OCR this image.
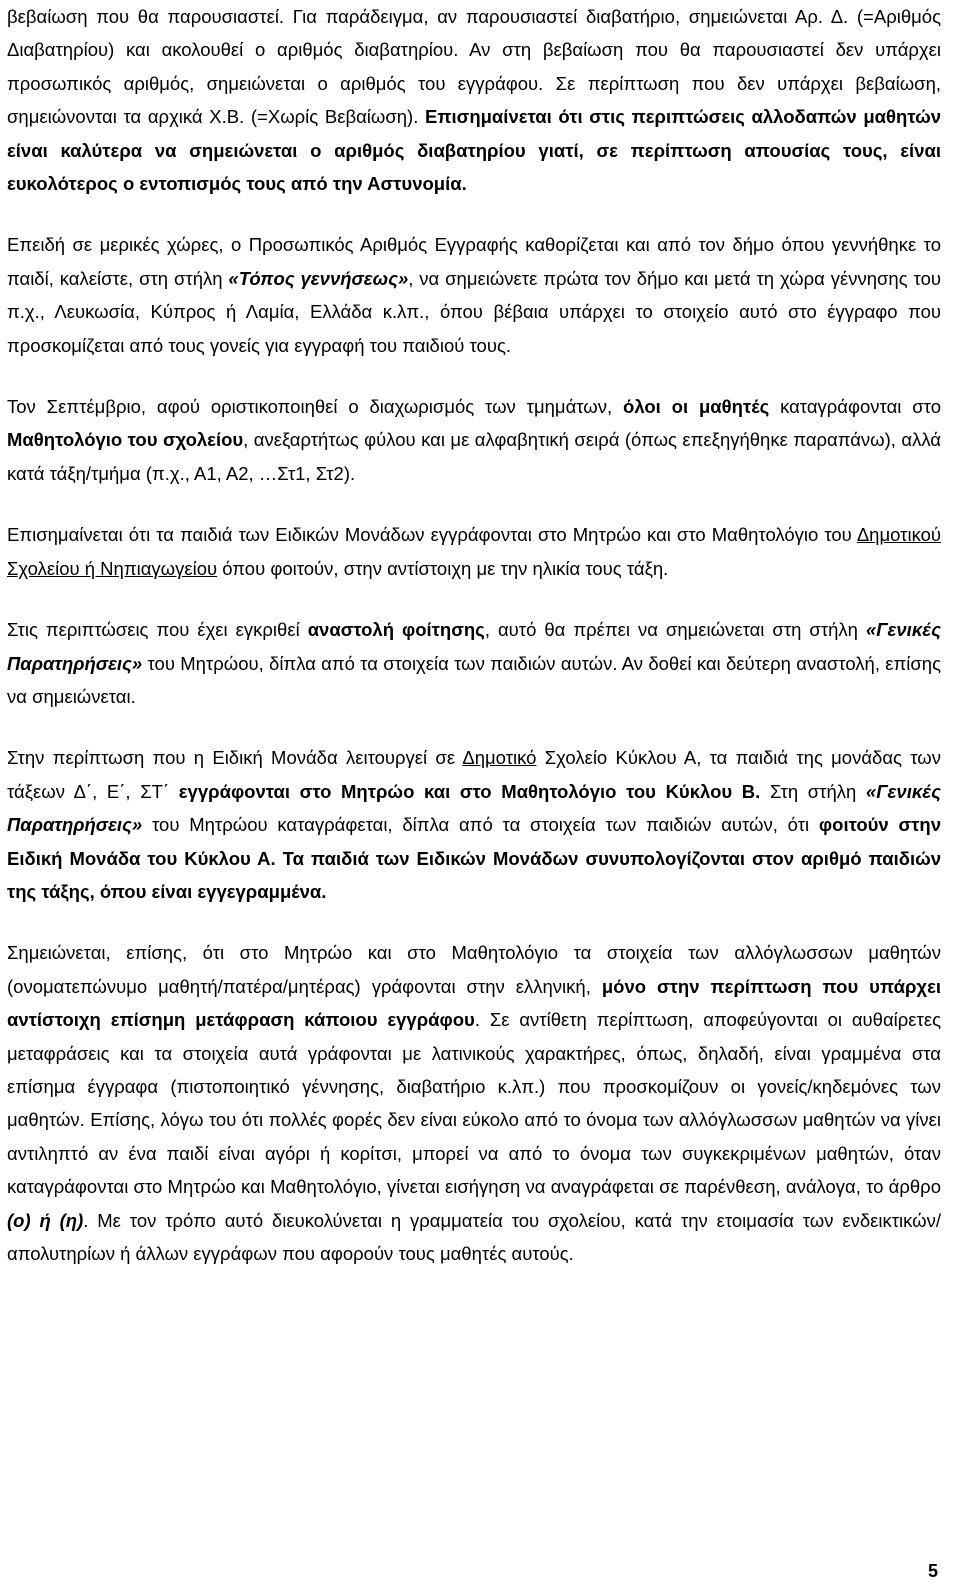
βεβαίωση που θα παρουσιαστεί. Για παράδειγμα, αν παρουσιαστεί διαβατήριο, σημειώνεται Αρ. Δ. (=Αριθμός Διαβατηρίου) και ακολουθεί ο αριθμός διαβατηρίου. Αν στη βεβαίωση που θα παρουσιαστεί δεν υπάρχει προσωπικός αριθμός, σημειώνεται ο αριθμός του εγγράφου. Σε περίπτωση που δεν υπάρχει βεβαίωση, σημειώνονται τα αρχικά Χ.Β. (=Χωρίς Βεβαίωση). Επισημαίνεται ότι στις περιπτώσεις αλλοδαπών μαθητών είναι καλύτερα να σημειώνεται ο αριθμός διαβατηρίου γιατί, σε περίπτωση απουσίας τους, είναι ευκολότερος ο εντοπισμός τους από την Αστυνομία.

Επειδή σε μερικές χώρες, ο Προσωπικός Αριθμός Εγγραφής καθορίζεται και από τον δήμο όπου γεννήθηκε το παιδί, καλείστε, στη στήλη «Τόπος γεννήσεως», να σημειώνετε πρώτα τον δήμο και μετά τη χώρα γέννησης του π.χ., Λευκωσία, Κύπρος ή Λαμία, Ελλάδα κ.λπ., όπου βέβαια υπάρχει το στοιχείο αυτό στο έγγραφο που προσκομίζεται από τους γονείς για εγγραφή του παιδιού τους.

Τον Σεπτέμβριο, αφού οριστικοποιηθεί ο διαχωρισμός των τμημάτων, όλοι οι μαθητές καταγράφονται στο Μαθητολόγιο του σχολείου, ανεξαρτήτως φύλου και με αλφαβητική σειρά (όπως επεξηγήθηκε παραπάνω), αλλά κατά τάξη/τμήμα (π.χ., Α1, Α2, …Στ1, Στ2).

Επισημαίνεται ότι τα παιδιά των Ειδικών Μονάδων εγγράφονται στο Μητρώο και στο Μαθητολόγιο του Δημοτικού Σχολείου ή Νηπιαγωγείου όπου φοιτούν, στην αντίστοιχη με την ηλικία τους τάξη.

Στις περιπτώσεις που έχει εγκριθεί αναστολή φοίτησης, αυτό θα πρέπει να σημειώνεται στη στήλη «Γενικές Παρατηρήσεις» του Μητρώου, δίπλα από τα στοιχεία των παιδιών αυτών. Αν δοθεί και δεύτερη αναστολή, επίσης να σημειώνεται.

Στην περίπτωση που η Ειδική Μονάδα λειτουργεί σε Δημοτικό Σχολείο Κύκλου Α, τα παιδιά της μονάδας των τάξεων Δ΄, Ε΄, ΣΤ΄ εγγράφονται στο Μητρώο και στο Μαθητολόγιο του Κύκλου Β. Στη στήλη «Γενικές Παρατηρήσεις» του Μητρώου καταγράφεται, δίπλα από τα στοιχεία των παιδιών αυτών, ότι φοιτούν στην Ειδική Μονάδα του Κύκλου Α. Τα παιδιά των Ειδικών Μονάδων συνυπολογίζονται στον αριθμό παιδιών της τάξης, όπου είναι εγγεγραμμένα.

Σημειώνεται, επίσης, ότι στο Μητρώο και στο Μαθητολόγιο τα στοιχεία των αλλόγλωσσων μαθητών (ονοματεπώνυμο μαθητή/πατέρα/μητέρας) γράφονται στην ελληνική, μόνο στην περίπτωση που υπάρχει αντίστοιχη επίσημη μετάφραση κάποιου εγγράφου. Σε αντίθετη περίπτωση, αποφεύγονται οι αυθαίρετες μεταφράσεις και τα στοιχεία αυτά γράφονται με λατινικούς χαρακτήρες, όπως, δηλαδή, είναι γραμμένα στα επίσημα έγγραφα (πιστοποιητικό γέννησης, διαβατήριο κ.λπ.) που προσκομίζουν οι γονείς/κηδεμόνες των μαθητών. Επίσης, λόγω του ότι πολλές φορές δεν είναι εύκολο από το όνομα των αλλόγλωσσων μαθητών να γίνει αντιληπτό αν ένα παιδί είναι αγόρι ή κορίτσι, μπορεί να από το όνομα των συγκεκριμένων μαθητών, όταν καταγράφονται στο Μητρώο και Μαθητολόγιο, γίνεται εισήγηση να αναγράφεται σε παρένθεση, ανάλογα, το άρθρο (ο) ή (η). Με τον τρόπο αυτό διευκολύνεται η γραμματεία του σχολείου, κατά την ετοιμασία των ενδεικτικών/απολυτηρίων ή άλλων εγγράφων που αφορούν τους μαθητές αυτούς.

5
